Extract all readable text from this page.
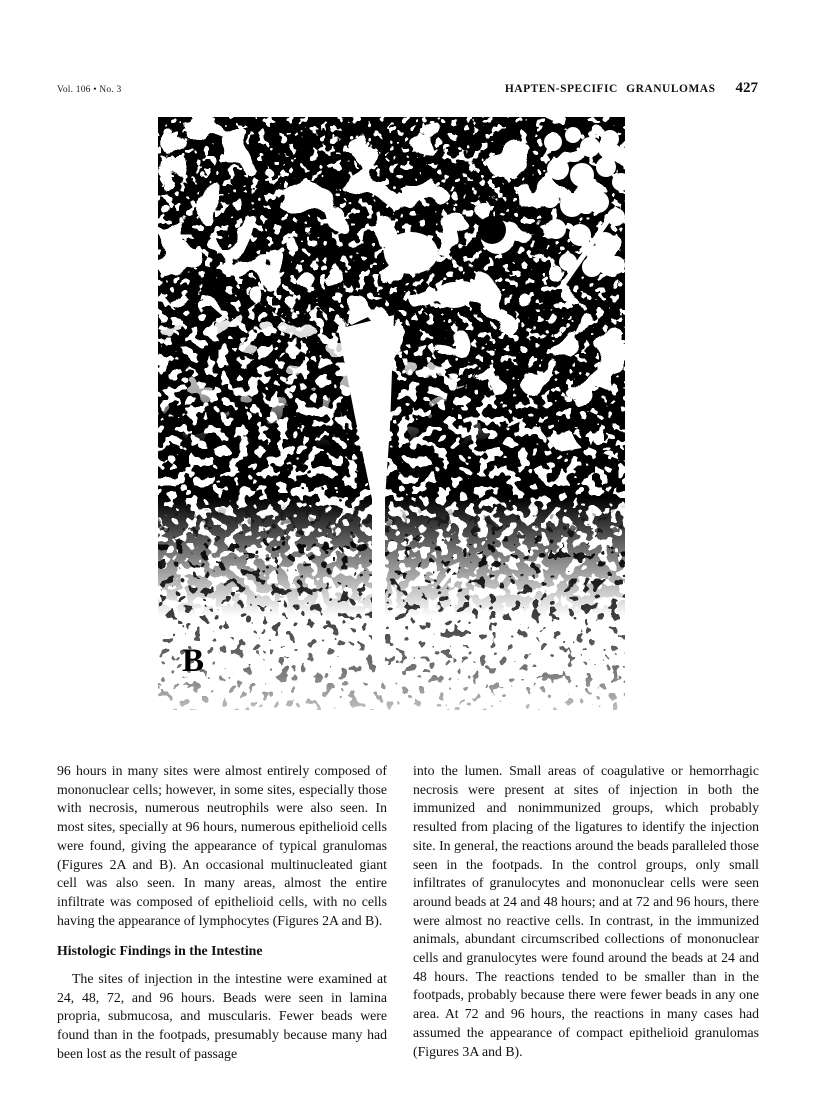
Vol. 106 • No. 3	HAPTEN-SPECIFIC GRANULOMAS 427
B

96 hours in many sites were almost entirely composed of mononuclear cells; however, in some sites, especially those with necrosis, numerous neutrophils were also seen. In most sites, specially at 96 hours, numerous epithelioid cells were found, giving the appearance of typical granulomas (Figures 2A and B). An occasional multinucleated giant cell was also seen. In many areas, almost the entire infiltrate was composed of epithelioid cells, with no cells having the appearance of lymphocytes (Figures 2A and B).

Histologic Findings in the Intestine

The sites of injection in the intestine were examined at 24, 48, 72, and 96 hours. Beads were seen in lamina propria, submucosa, and muscularis. Fewer beads were found than in the footpads, presumably because many had been lost as the result of passage

into the lumen. Small areas of coagulative or hemorrhagic necrosis were present at sites of injection in both the immunized and nonimmunized groups, which probably resulted from placing of the ligatures to identify the injection site. In general, the reactions around the beads paralleled those seen in the footpads. In the control groups, only small infiltrates of granulocytes and mononuclear cells were seen around beads at 24 and 48 hours; and at 72 and 96 hours, there were almost no reactive cells. In contrast, in the immunized animals, abundant circumscribed collections of mononuclear cells and granulocytes were found around the beads at 24 and 48 hours. The reactions tended to be smaller than in the footpads, probably because there were fewer beads in any one area. At 72 and 96 hours, the reactions in many cases had assumed the appearance of compact epithelioid granulomas (Figures 3A and B).
